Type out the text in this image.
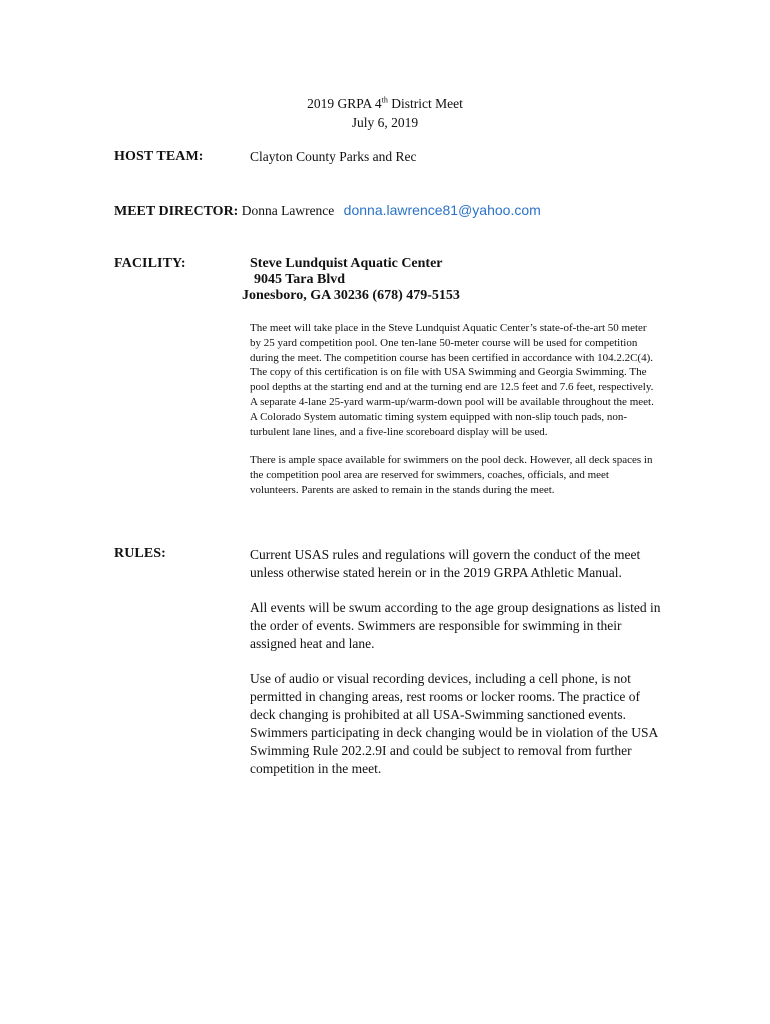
2019 GRPA 4th District Meet
July 6, 2019
HOST TEAM:	Clayton County Parks and Rec
MEET DIRECTOR: Donna Lawrence donna.lawrence81@yahoo.com
FACILITY:	Steve Lundquist Aquatic Center
9045 Tara Blvd
Jonesboro, GA 30236 (678) 479-5153

The meet will take place in the Steve Lundquist Aquatic Center’s state-of-the-art 50 meter by 25 yard competition pool. One ten-lane 50-meter course will be used for competition during the meet. The competition course has been certified in accordance with 104.2.2C(4). The copy of this certification is on file with USA Swimming and Georgia Swimming. The pool depths at the starting end and at the turning end are 12.5 feet and 7.6 feet, respectively. A separate 4-lane 25-yard warm-up/warm-down pool will be available throughout the meet. A Colorado System automatic timing system equipped with non-slip touch pads, non-turbulent lane lines, and a five-line scoreboard display will be used.

There is ample space available for swimmers on the pool deck. However, all deck spaces in the competition pool area are reserved for swimmers, coaches, officials, and meet volunteers. Parents are asked to remain in the stands during the meet.

RULES:	Current USAS rules and regulations will govern the conduct of the meet unless otherwise stated herein or in the 2019 GRPA Athletic Manual.

All events will be swum according to the age group designations as listed in the order of events. Swimmers are responsible for swimming in their assigned heat and lane.

Use of audio or visual recording devices, including a cell phone, is not permitted in changing areas, rest rooms or locker rooms. The practice of deck changing is prohibited at all USA-Swimming sanctioned events. Swimmers participating in deck changing would be in violation of the USA Swimming Rule 202.2.9I and could be subject to removal from further competition in the meet.
